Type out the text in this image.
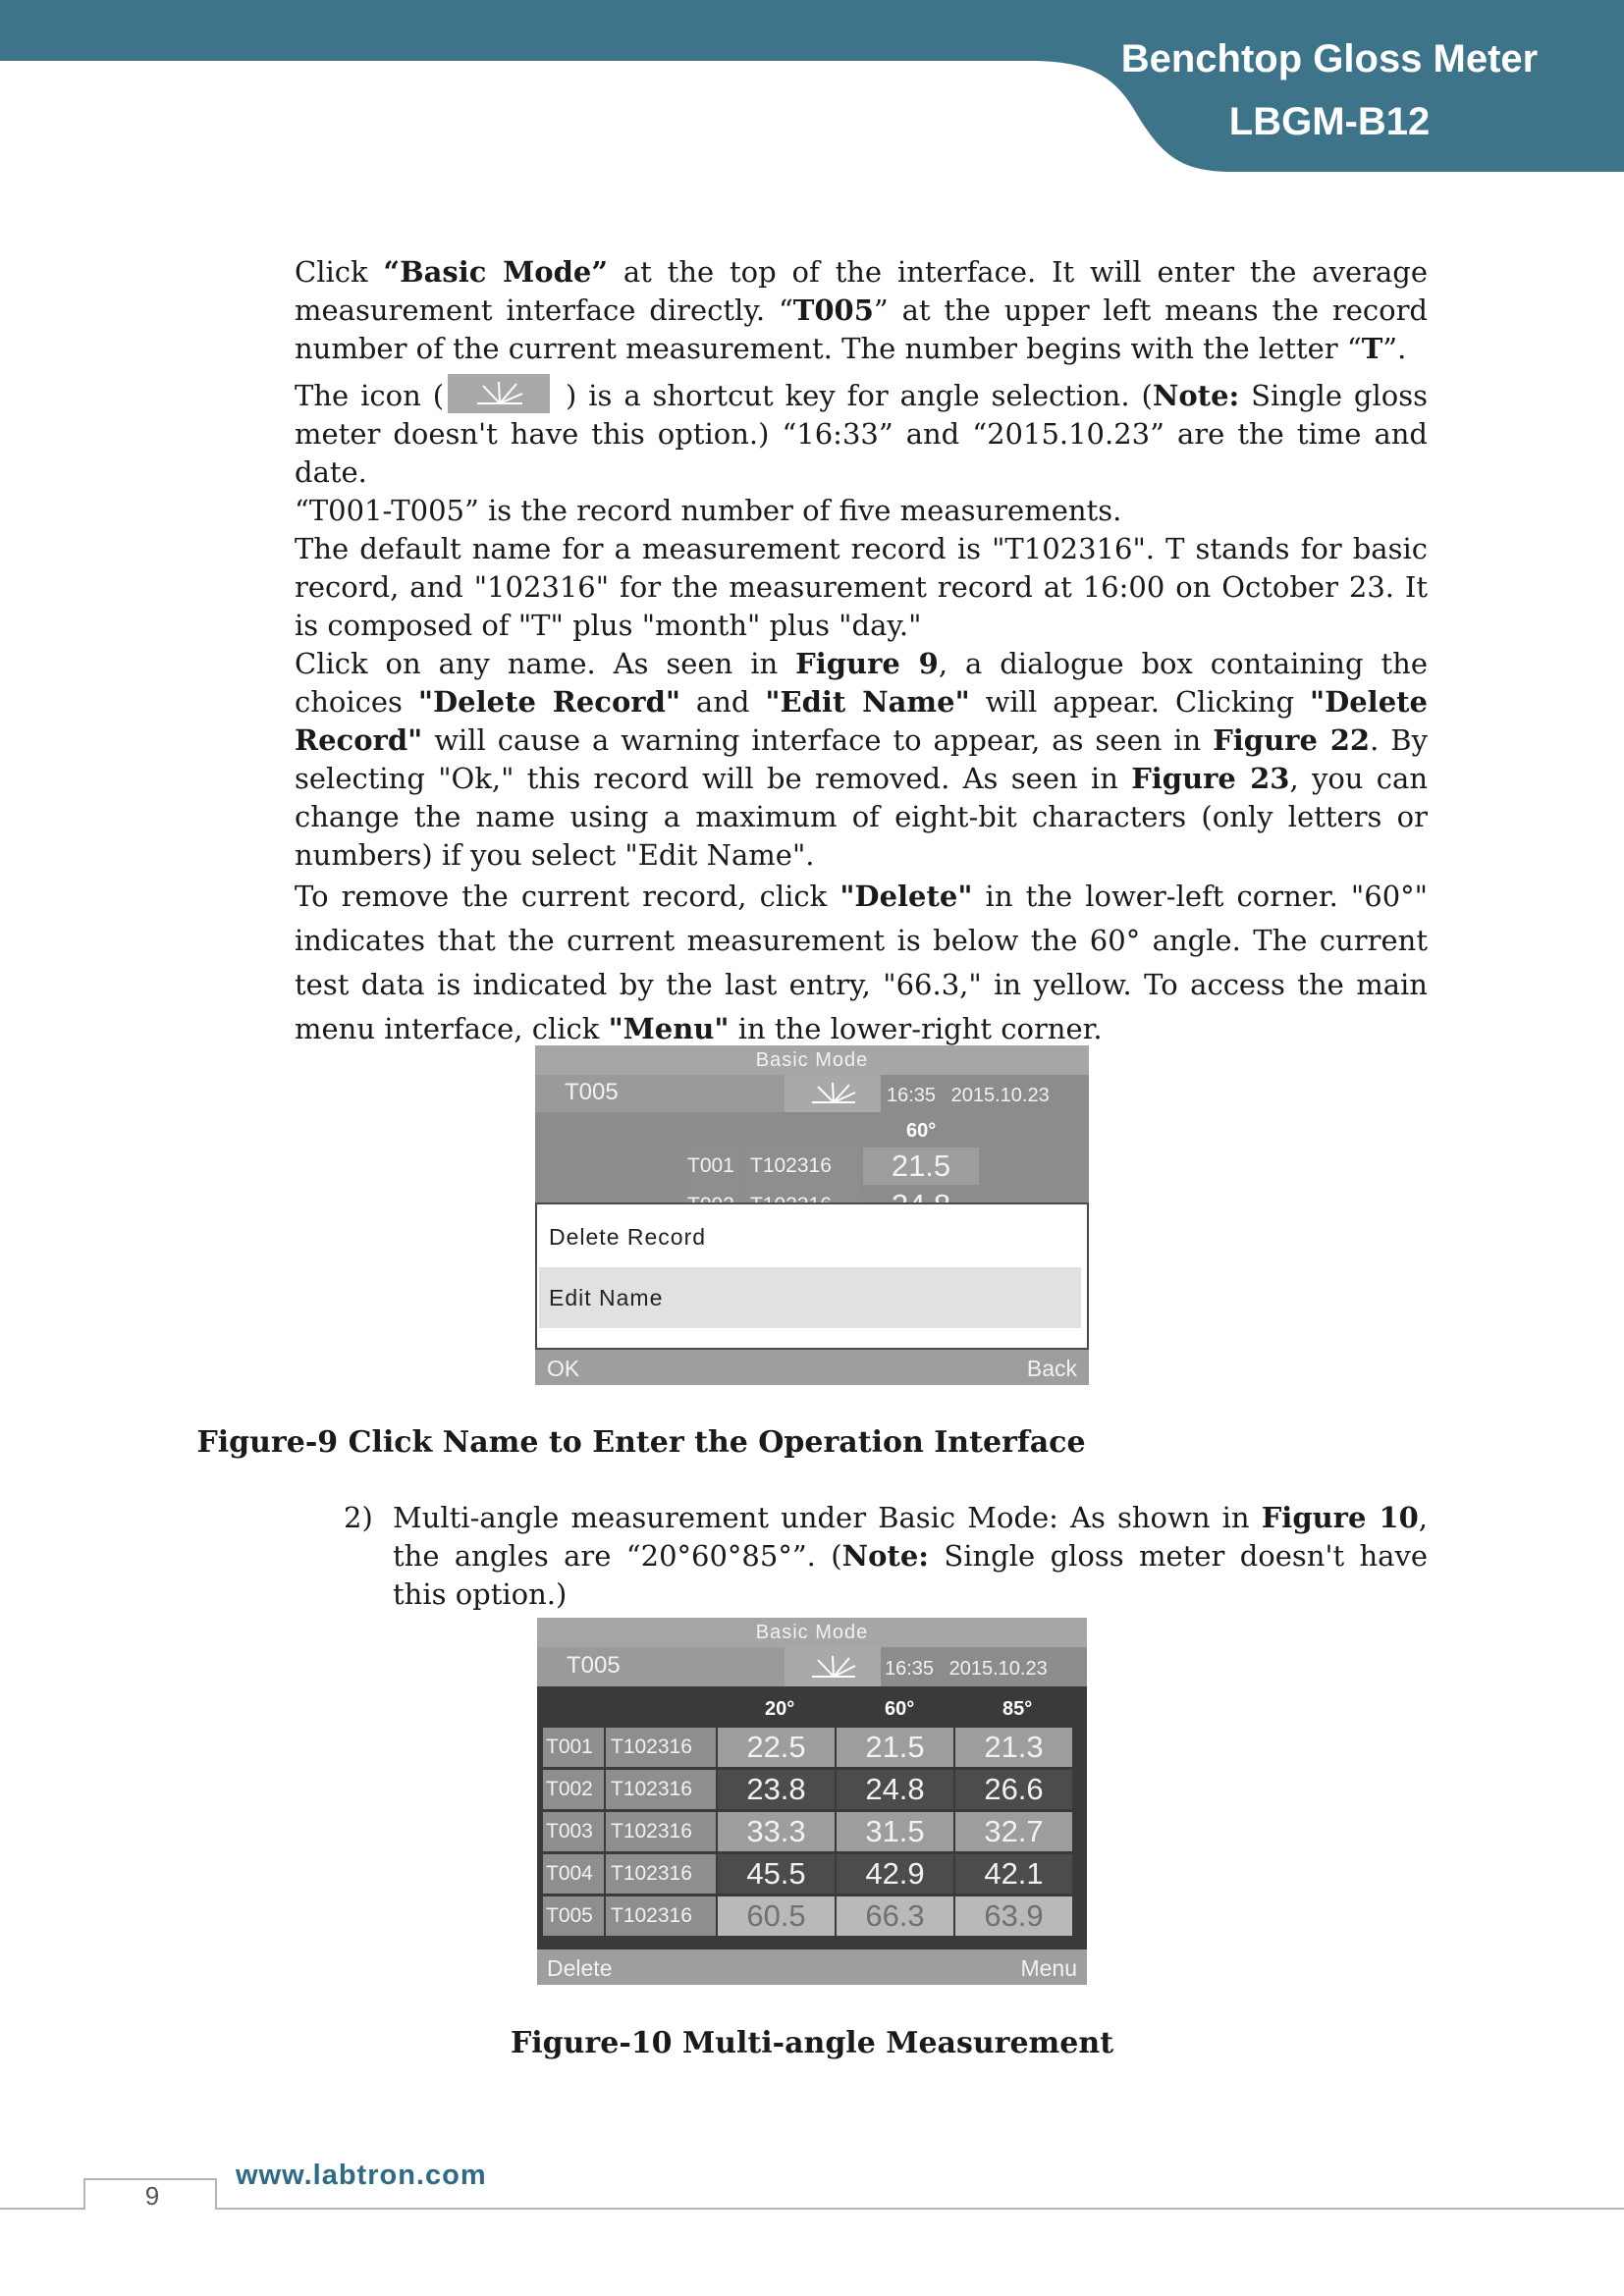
Benchtop Gloss Meter
LBGM-B12

Click “Basic Mode” at the top of the interface. It will enter the average measurement interface directly. “T005” at the upper left means the record number of the current measurement. The number begins with the letter “T”.

The icon (	) is a shortcut key for angle selection. (Note: Single gloss meter doesn't have this option.) “16:33” and “2015.10.23” are the time and date.

“T001-T005” is the record number of five measurements.

The default name for a measurement record is "T102316". T stands for basic record, and "102316" for the measurement record at 16:00 on October 23. It is composed of "T" plus "month" plus "day."

Click on any name. As seen in Figure 9, a dialogue box containing the choices "Delete Record" and "Edit Name" will appear. Clicking "Delete Record" will cause a warning interface to appear, as seen in Figure 22. By selecting "Ok," this record will be removed. As seen in Figure 23, you can change the name using a maximum of eight-bit characters (only letters or numbers) if you select "Edit Name".

To remove the current record, click "Delete" in the lower-left corner. "60°" indicates that the current measurement is below the 60° angle. The current test data is indicated by the last entry, "66.3," in yellow. To access the main menu interface, click "Menu" in the lower-right corner.

Basic Mode
T005	16:35 2015.10.23
60°
T001 T102316	21.5
Delete Record
Edit Name
OK	Back
Figure-9 Click Name to Enter the Operation Interface
2) Multi-angle measurement under Basic Mode: As shown in Figure 10, the angles are “20°60°85°”. (Note: Single gloss meter doesn't have this option.)
Basic Mode
T005	16:35 2015.10.23
20°	60°	85°
T001 T102316	22.5	21.5	21.3
T002 T102316	23.8	24.8	26.6
T003 T102316	33.3	31.5	32.7
T004 T102316	45.5	42.9	42.1
T005 T102316	60.5	66.3	63.9
Delete	Menu
Figure-10 Multi-angle Measurement
9
www.labtron.com
